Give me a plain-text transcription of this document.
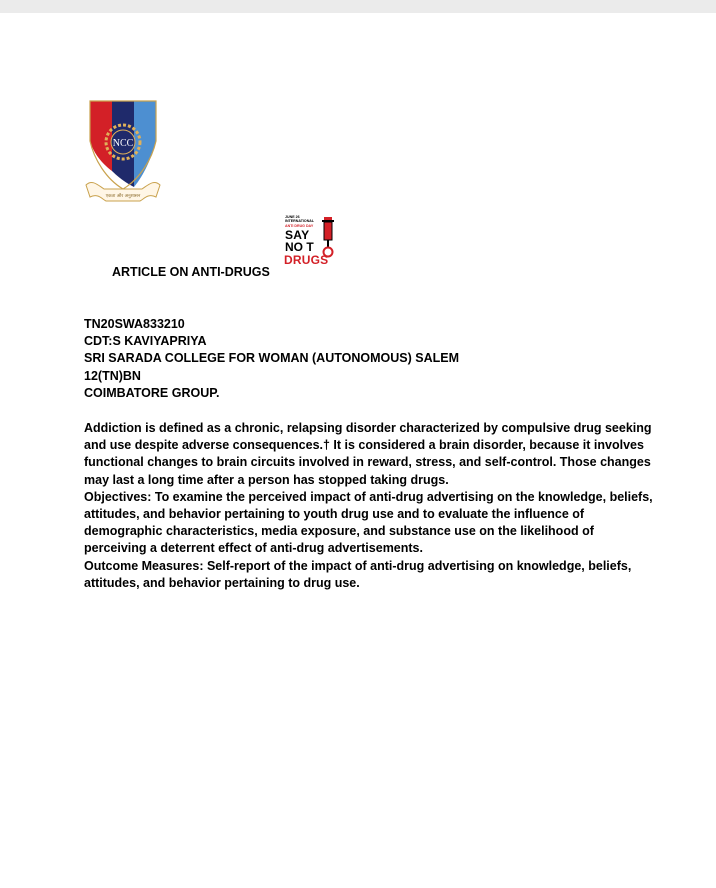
NCC
एकता और अनुशासन
JUNE 26
INTERNATIONAL
ANTI DRUG DAY
SAY
NO T
DRUGS
ARTICLE ON ANTI-DRUGS
TN20SWA833210
CDT:S KAVIYAPRIYA
SRI SARADA COLLEGE FOR WOMAN (AUTONOMOUS) SALEM
12(TN)BN
COIMBATORE GROUP.

Addiction is defined as a chronic, relapsing disorder characterized by compulsive drug seeking and use despite adverse consequences.† It is considered a brain disorder, because it involves functional changes to brain circuits involved in reward, stress, and self-control. Those changes may last a long time after a person has stopped taking drugs.

Objectives: To examine the perceived impact of anti-drug advertising on the knowledge, beliefs, attitudes, and behavior pertaining to youth drug use and to evaluate the influence of demographic characteristics, media exposure, and substance use on the likelihood of perceiving a deterrent effect of anti-drug advertisements.

Outcome Measures: Self-report of the impact of anti-drug advertising on knowledge, beliefs, attitudes, and behavior pertaining to drug use.
